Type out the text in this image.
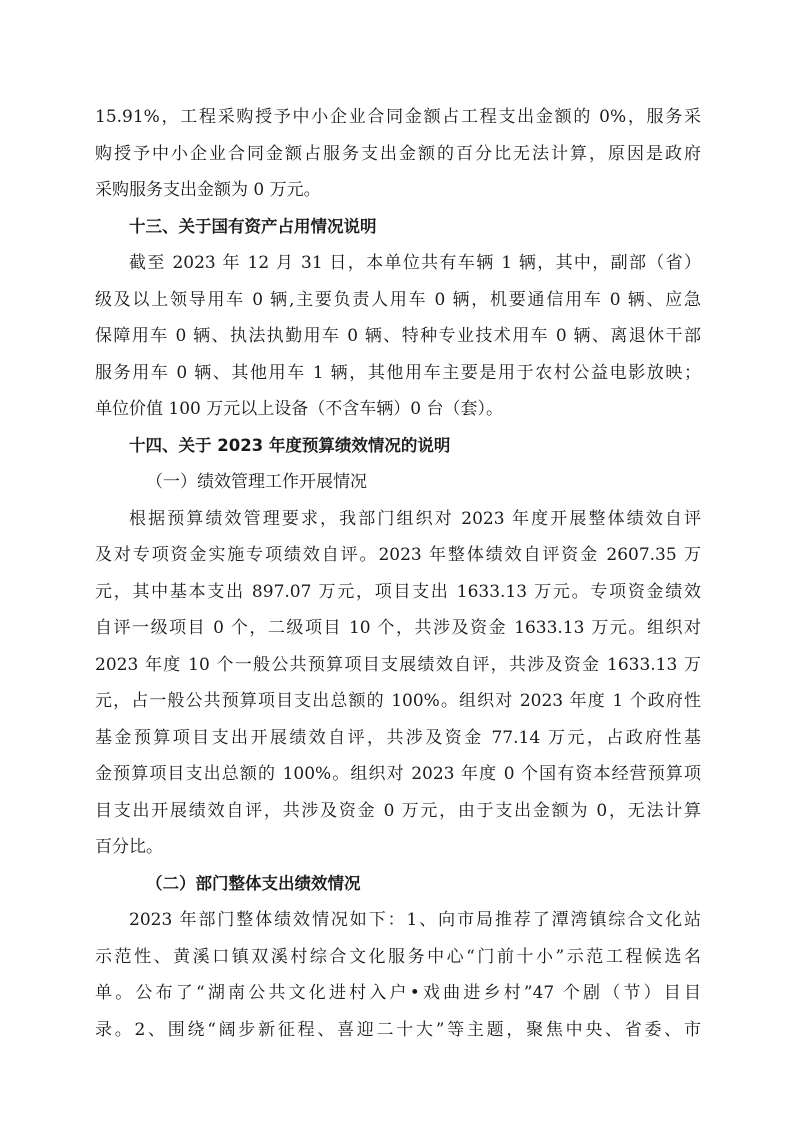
15.91%，工程采购授予中小企业合同金额占工程支出金额的 0%，服务采
购授予中小企业合同金额占服务支出金额的百分比无法计算，原因是政府
采购服务支出金额为 0 万元。
十三、关于国有资产占用情况说明
截至 2023 年 12 月 31 日，本单位共有车辆 1 辆，其中，副部（省）
级及以上领导用车 0 辆,主要负责人用车 0 辆，机要通信用车 0 辆、应急
保障用车 0 辆、执法执勤用车 0 辆、特种专业技术用车 0 辆、离退休干部
服务用车 0 辆、其他用车 1 辆，其他用车主要是用于农村公益电影放映；
单位价值 100 万元以上设备（不含车辆）0 台（套）。
十四、关于 2023 年度预算绩效情况的说明
（一）绩效管理工作开展情况
根据预算绩效管理要求，我部门组织对 2023 年度开展整体绩效自评
及对专项资金实施专项绩效自评。2023 年整体绩效自评资金 2607.35 万
元，其中基本支出 897.07 万元，项目支出 1633.13 万元。专项资金绩效
自评一级项目 0 个，二级项目 10 个，共涉及资金 1633.13 万元。组织对
2023 年度 10 个一般公共预算项目支展绩效自评，共涉及资金 1633.13 万
元，占一般公共预算项目支出总额的 100%。组织对 2023 年度 1 个政府性
基金预算项目支出开展绩效自评，共涉及资金 77.14 万元，占政府性基
金预算项目支出总额的 100%。组织对 2023 年度 0 个国有资本经营预算项
目支出开展绩效自评，共涉及资金 0 万元，由于支出金额为 0，无法计算
百分比。
（二）部门整体支出绩效情况
2023 年部门整体绩效情况如下：1、向市局推荐了潭湾镇综合文化站
示范性、黄溪口镇双溪村综合文化服务中心“门前十小”示范工程候选名
单。公布了“湖南公共文化进村入户•戏曲进乡村”47 个剧（节）目目
录。2、围绕“阔步新征程、喜迎二十大”等主题，聚焦中央、省委、市
